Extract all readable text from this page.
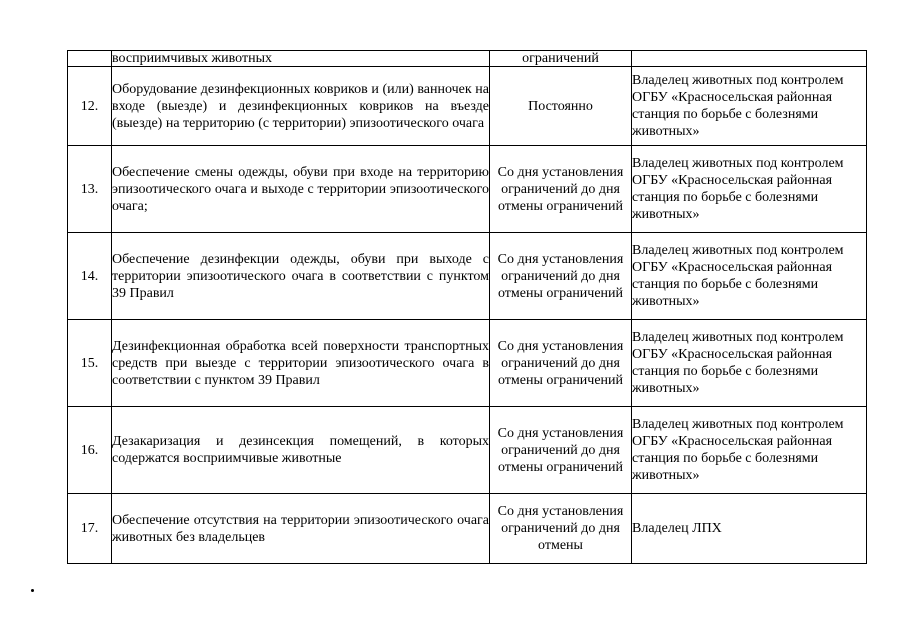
	восприимчивых животных	ограничений	
12.	Оборудование дезинфекционных ковриков и (или) ванночек на входе (выезде) и дезинфекционных ковриков на въезде (выезде) на территорию (с территории) эпизоотического очага	Постоянно	Владелец животных под контролем ОГБУ «Красносельская районная станция по борьбе с болезнями животных»
13.	Обеспечение смены одежды, обуви при входе на территорию эпизоотического очага и выходе с территории эпизоотического очага;	Со дня установления ограничений до дня отмены ограничений	Владелец животных под контролем ОГБУ «Красносельская районная станция по борьбе с болезнями животных»
14.	Обеспечение дезинфекции одежды, обуви при выходе с территории эпизоотического очага в соответствии с пунктом 39 Правил	Со дня установления ограничений до дня отмены ограничений	Владелец животных под контролем ОГБУ «Красносельская районная станция по борьбе с болезнями животных»
15.	Дезинфекционная обработка всей поверхности транспортных средств при выезде с территории эпизоотического очага в соответствии с пунктом 39 Правил	Со дня установления ограничений до дня отмены ограничений	Владелец животных под контролем ОГБУ «Красносельская районная станция по борьбе с болезнями животных»
16.	Дезакаризация и дезинсекция помещений, в которых содержатся восприимчивые животные	Со дня установления ограничений до дня отмены ограничений	Владелец животных под контролем ОГБУ «Красносельская районная станция по борьбе с болезнями животных»
17.	Обеспечение отсутствия на территории эпизоотического очага животных без владельцев	Со дня установления ограничений до дня отмены	Владелец ЛПХ
